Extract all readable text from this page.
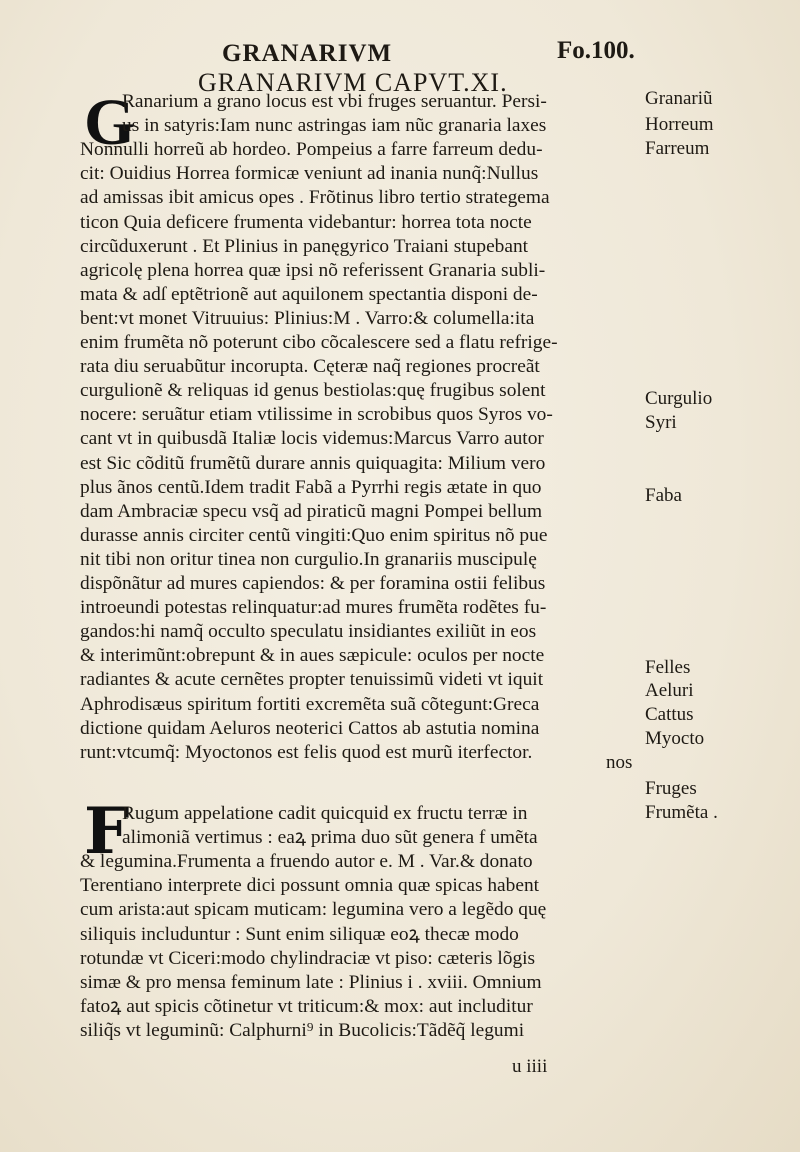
GRANARIVM	Fo.100.
GRANARIVM CAPVT.XI.
G
F
Ranarium a grano locus est vbi fruges seruantur. Persi-
us in satyris:Iam nunc astringas iam nũc granaria laxes
Nonnulli horreũ ab hordeo. Pompeius a farre farreum dedu-
cit: Ouidius Horrea formicæ veniunt ad inania nunq̃:Nullus
ad amissas ibit amicus opes . Frõtinus libro tertio strategema
ticon Quia deficere frumenta videbantur: horrea tota nocte
circũduxerunt . Et Plinius in panęgyrico Traiani stupebant
agricolę plena horrea quæ ipsi nõ referissent Granaria subli-
mata & adſ eptẽtrionẽ aut aquilonem spectantia disponi de-
bent:vt monet Vitruuius: Plinius:M . Varro:& columella:ita
enim frumẽta nõ poterunt cibo cõcalescere sed a flatu refrige-
rata diu seruabũtur incorupta. Cęteræ naq̃ regiones procreãt
curgulionẽ & reliquas id genus bestiolas:quę frugibus solent
nocere: seruãtur etiam vtilissime in scrobibus quos Syros vo-
cant vt in quibusdã Italiæ locis videmus:Marcus Varro autor
est Sic cõditũ frumẽtũ durare annis quiquagita: Milium vero
plus ãnos centũ.Idem tradit Fabã a Pyrrhi regis ætate in quo
dam Ambraciæ specu vsq̃ ad piraticũ magni Pompei bellum
durasse annis circiter centũ vingiti:Quo enim spiritus nõ pue
nit tibi non oritur tinea non curgulio.In granariis muscipulę
dispõnãtur ad mures capiendos: & per foramina ostii felibus
introeundi potestas relinquatur:ad mures frumẽta rodẽtes fu-
gandos:hi namq̃ occulto speculatu insidiantes exiliũt in eos
& interimũnt:obrepunt & in aues sæpicule: oculos per nocte
radiantes & acute cernẽtes propter tenuissimũ videti vt iquit
Aphrodisæus spiritum fortiti excremẽta suã cõtegunt:Greca
dictione quidam Aeluros neoterici Cattos ab astutia nomina
runt:vtcumq̃: Myoctonos est felis quod est murũ iterfector.
Rugum appelatione cadit quicquid ex fructu terræ in
alimoniã vertimus : eaꝝ prima duo sũt genera f umẽta
& legumina.Frumenta a fruendo autor e. M . Var.& donato
Terentiano interprete dici possunt omnia quæ spicas habent
cum arista:aut spicam muticam: legumina vero a legẽdo quę
siliquis includuntur : Sunt enim siliquæ eoꝝ thecæ modo
rotundæ vt Ciceri:modo chylindraciæ vt piso: cæteris lõgis
simæ & pro mensa feminum late : Plinius i . xviii. Omnium
fatoꝝ aut spicis cõtinetur vt triticum:& mox: aut includitur
siliq̃s vt leguminũ: Calphurni⁹ in Bucolicis:Tãdẽq̃ legumi
Granariũ
Horreum
Farreum
Curgulio
Syri
Faba
Felles
Aeluri
Cattus
Myocto
Fruges
Frumẽta .
nos
u iiii
